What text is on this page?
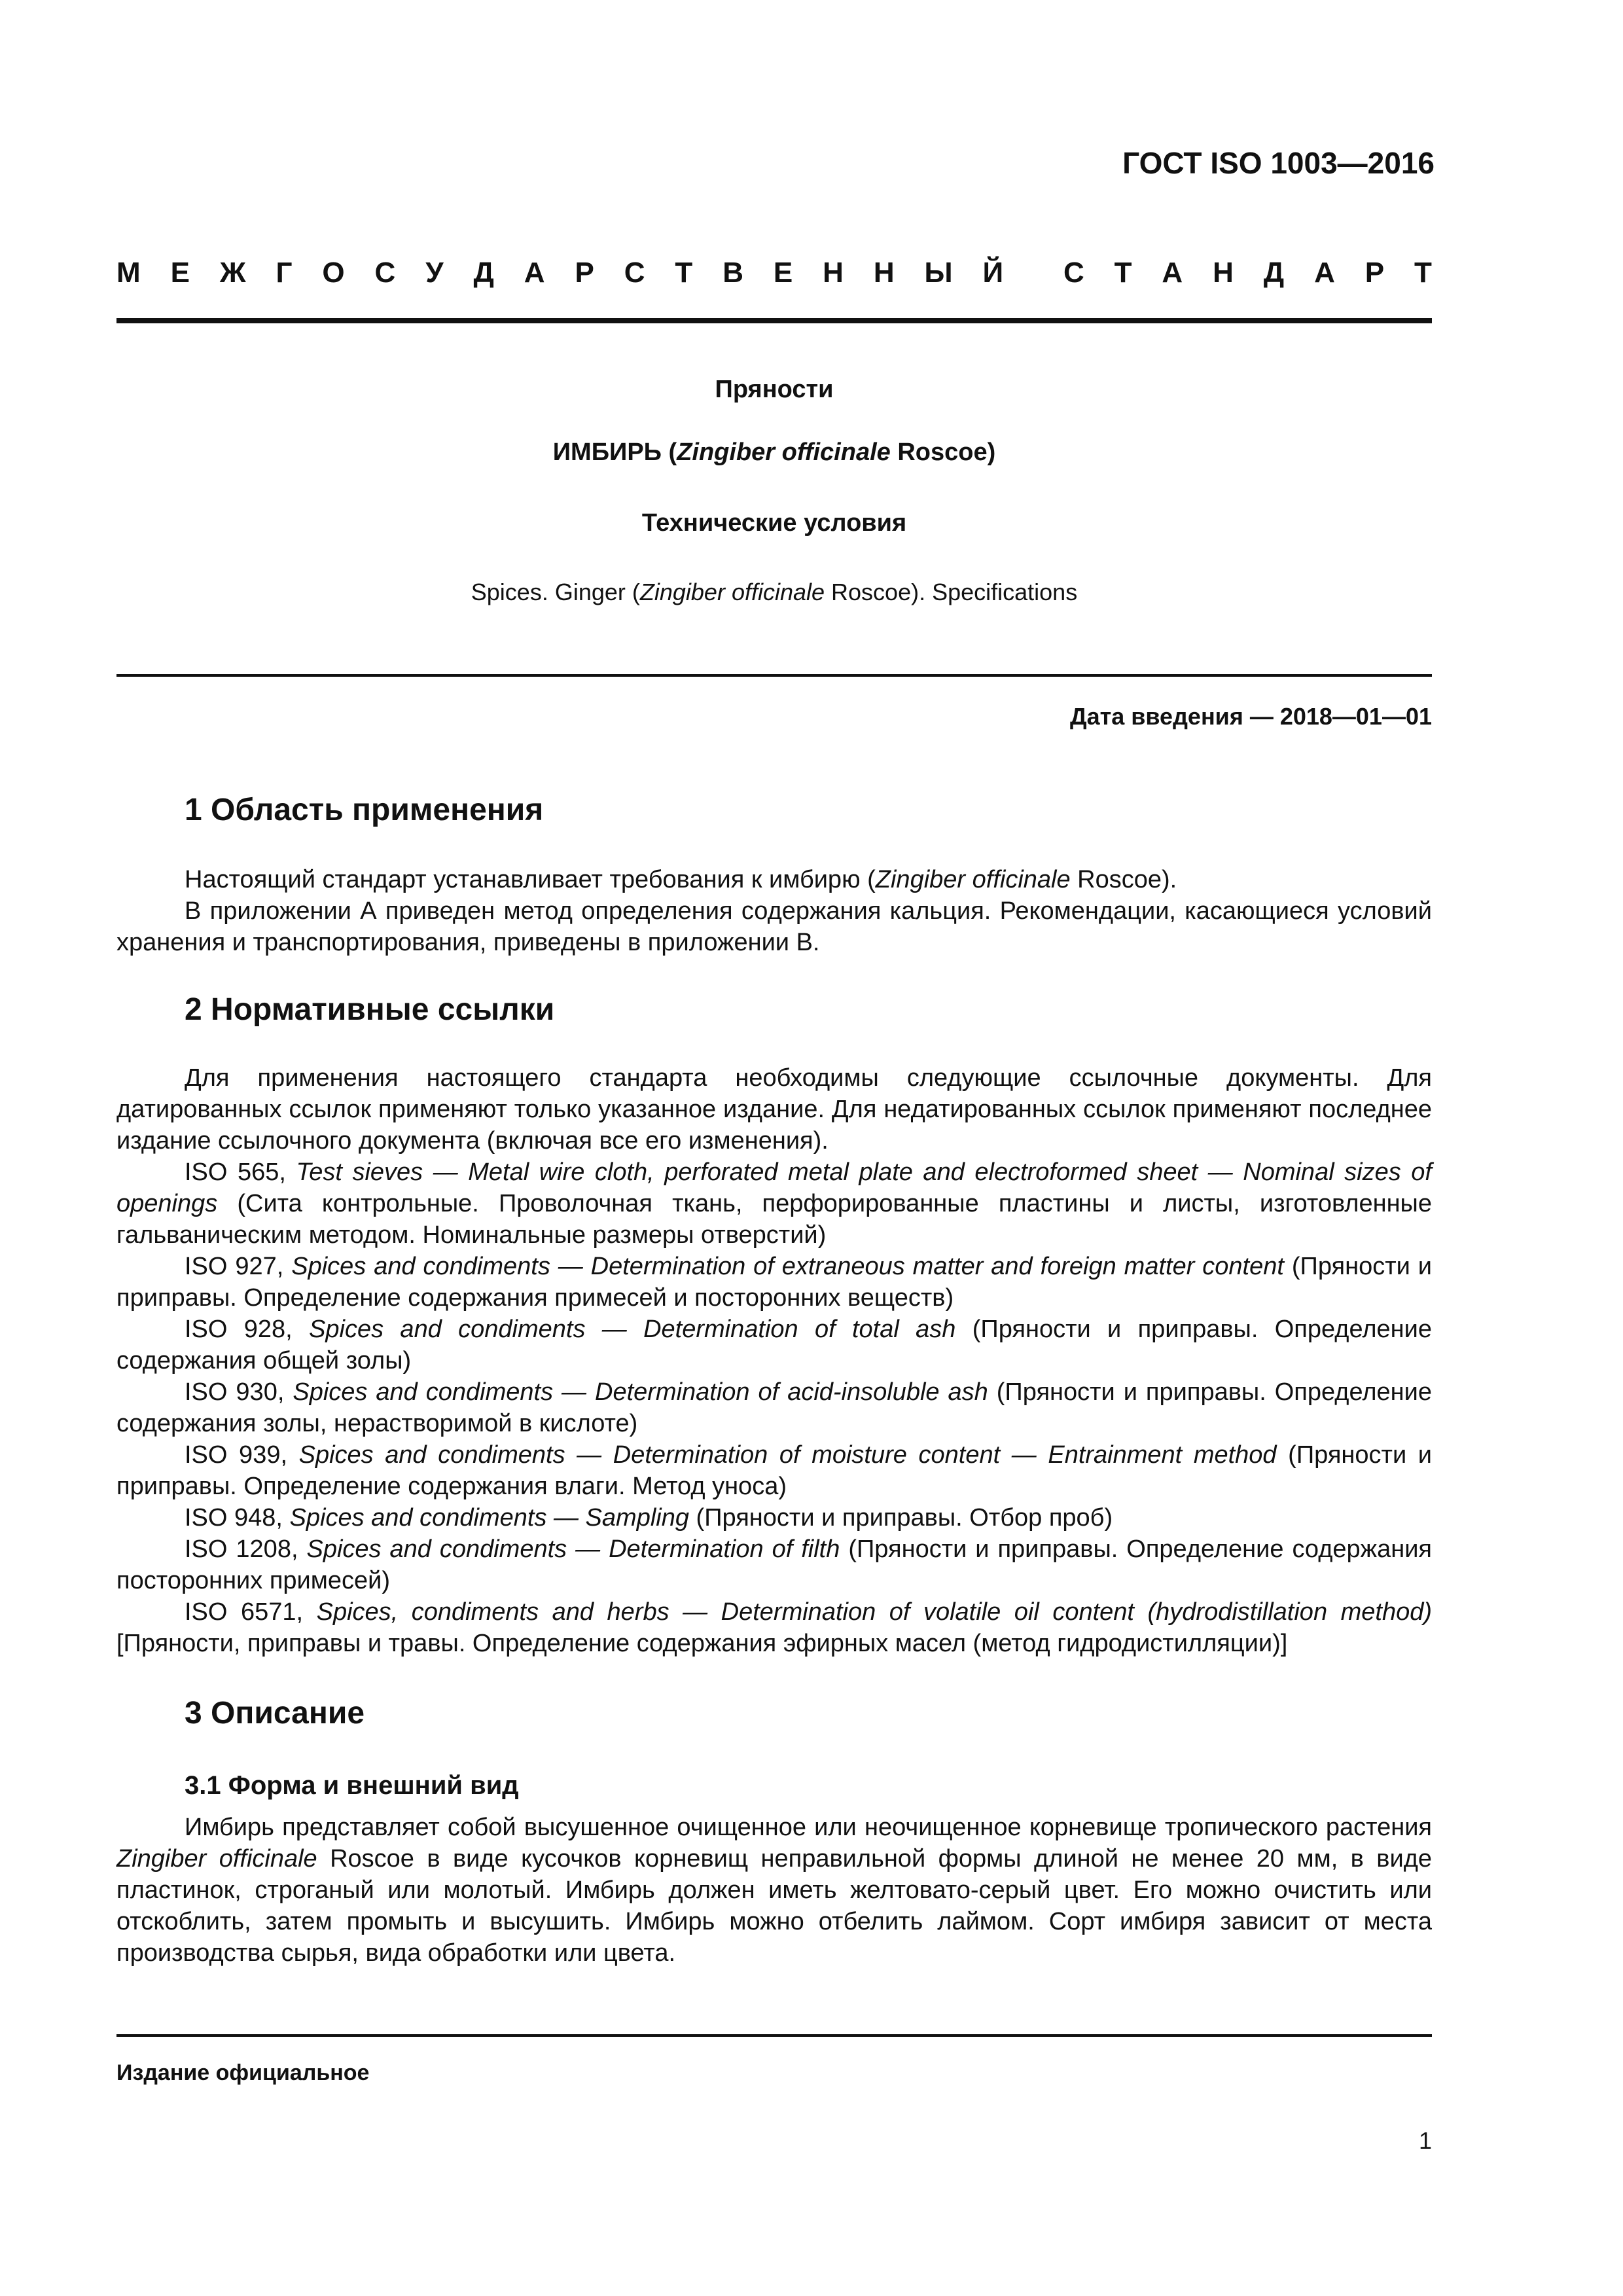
ГОСТ ISO 1003—2016
М Е Ж Г О С У Д А Р С Т В Е Н Н Ы Й С Т А Н Д А Р Т
Пряности
ИМБИРЬ (Zingiber officinale Roscoe)
Технические условия
Spices. Ginger (Zingiber officinale Roscoe). Specifications
Дата введения — 2018—01—01
1 Область применения
Настоящий стандарт устанавливает требования к имбирю (Zingiber officinale Roscoe).
В приложении А приведен метод определения содержания кальция. Рекомендации, касающиеся условий хранения и транспортирования, приведены в приложении В.
2 Нормативные ссылки
Для применения настоящего стандарта необходимы следующие ссылочные документы. Для датированных ссылок применяют только указанное издание. Для недатированных ссылок применяют последнее издание ссылочного документа (включая все его изменения).
ISO 565, Test sieves — Metal wire cloth, perforated metal plate and electroformed sheet — Nominal sizes of openings (Сита контрольные. Проволочная ткань, перфорированные пластины и листы, изготовленные гальваническим методом. Номинальные размеры отверстий)
ISO 927, Spices and condiments — Determination of extraneous matter and foreign matter content (Пряности и приправы. Определение содержания примесей и посторонних веществ)
ISO 928, Spices and condiments — Determination of total ash (Пряности и приправы. Определение содержания общей золы)
ISO 930, Spices and condiments — Determination of acid-insoluble ash (Пряности и приправы. Определение содержания золы, нерастворимой в кислоте)
ISO 939, Spices and condiments — Determination of moisture content — Entrainment method (Пряности и приправы. Определение содержания влаги. Метод уноса)
ISO 948, Spices and condiments — Sampling (Пряности и приправы. Отбор проб)
ISO 1208, Spices and condiments — Determination of filth (Пряности и приправы. Определение содержания посторонних примесей)
ISO 6571, Spices, condiments and herbs — Determination of volatile oil content (hydrodistillation method) [Пряности, приправы и травы. Определение содержания эфирных масел (метод гидродистилляции)]
3 Описание
3.1 Форма и внешний вид
Имбирь представляет собой высушенное очищенное или неочищенное корневище тропического растения Zingiber officinale Roscoe в виде кусочков корневищ неправильной формы длиной не менее 20 мм, в виде пластинок, строганый или молотый. Имбирь должен иметь желтовато-серый цвет. Его можно очистить или отскоблить, затем промыть и высушить. Имбирь можно отбелить лаймом. Сорт имбиря зависит от места производства сырья, вида обработки или цвета.
Издание официальное
1
